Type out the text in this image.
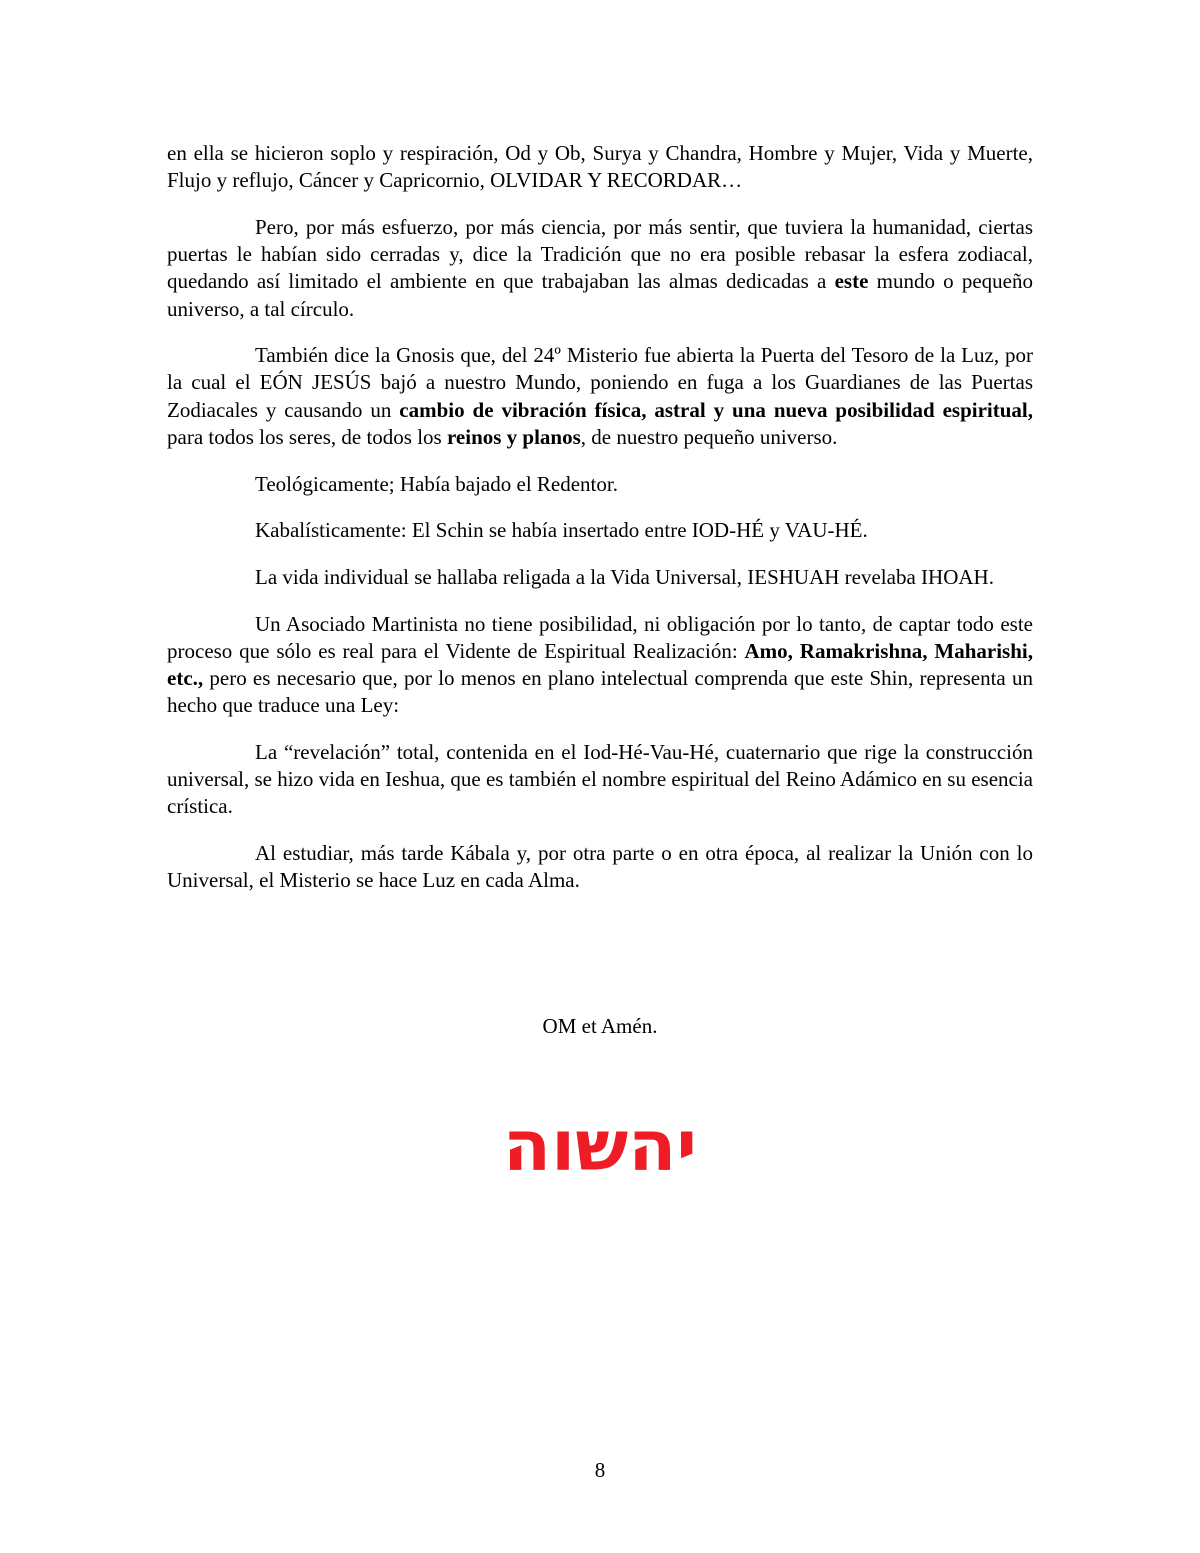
en ella se hicieron soplo y respiración, Od y Ob, Surya y Chandra, Hombre y Mujer, Vida y Muerte, Flujo y reflujo, Cáncer y Capricornio, OLVIDAR Y RECORDAR…

Pero, por más esfuerzo, por más ciencia, por más sentir, que tuviera la humanidad, ciertas puertas le habían sido cerradas y, dice la Tradición que no era posible rebasar la esfera zodiacal, quedando así limitado el ambiente en que trabajaban las almas dedicadas a este mundo o pequeño universo, a tal círculo.

También dice la Gnosis que, del 24º Misterio fue abierta la Puerta del Tesoro de la Luz, por la cual el EÓN JESÚS bajó a nuestro Mundo, poniendo en fuga a los Guardianes de las Puertas Zodiacales y causando un cambio de vibración física, astral y una nueva posibilidad espiritual, para todos los seres, de todos los reinos y planos, de nuestro pequeño universo.

Teológicamente; Había bajado el Redentor.

Kabalísticamente: El Schin se había insertado entre IOD-HÉ y VAU-HÉ.

La vida individual se hallaba religada a la Vida Universal, IESHUAH revelaba IHOAH.

Un Asociado Martinista no tiene posibilidad, ni obligación por lo tanto, de captar todo este proceso que sólo es real para el Vidente de Espiritual Realización: Amo, Ramakrishna, Maharishi, etc., pero es necesario que, por lo menos en plano intelectual comprenda que este Shin, representa un hecho que traduce una Ley:

La “revelación” total, contenida en el Iod-Hé-Vau-Hé, cuaternario que rige la construcción universal, se hizo vida en Ieshua, que es también el nombre espiritual del Reino Adámico en su esencia crística.

Al estudiar, más tarde Kábala y, por otra parte o en otra época, al realizar la Unión con lo Universal, el Misterio se hace Luz en cada Alma.

OM et Amén.
יהשוה
8
